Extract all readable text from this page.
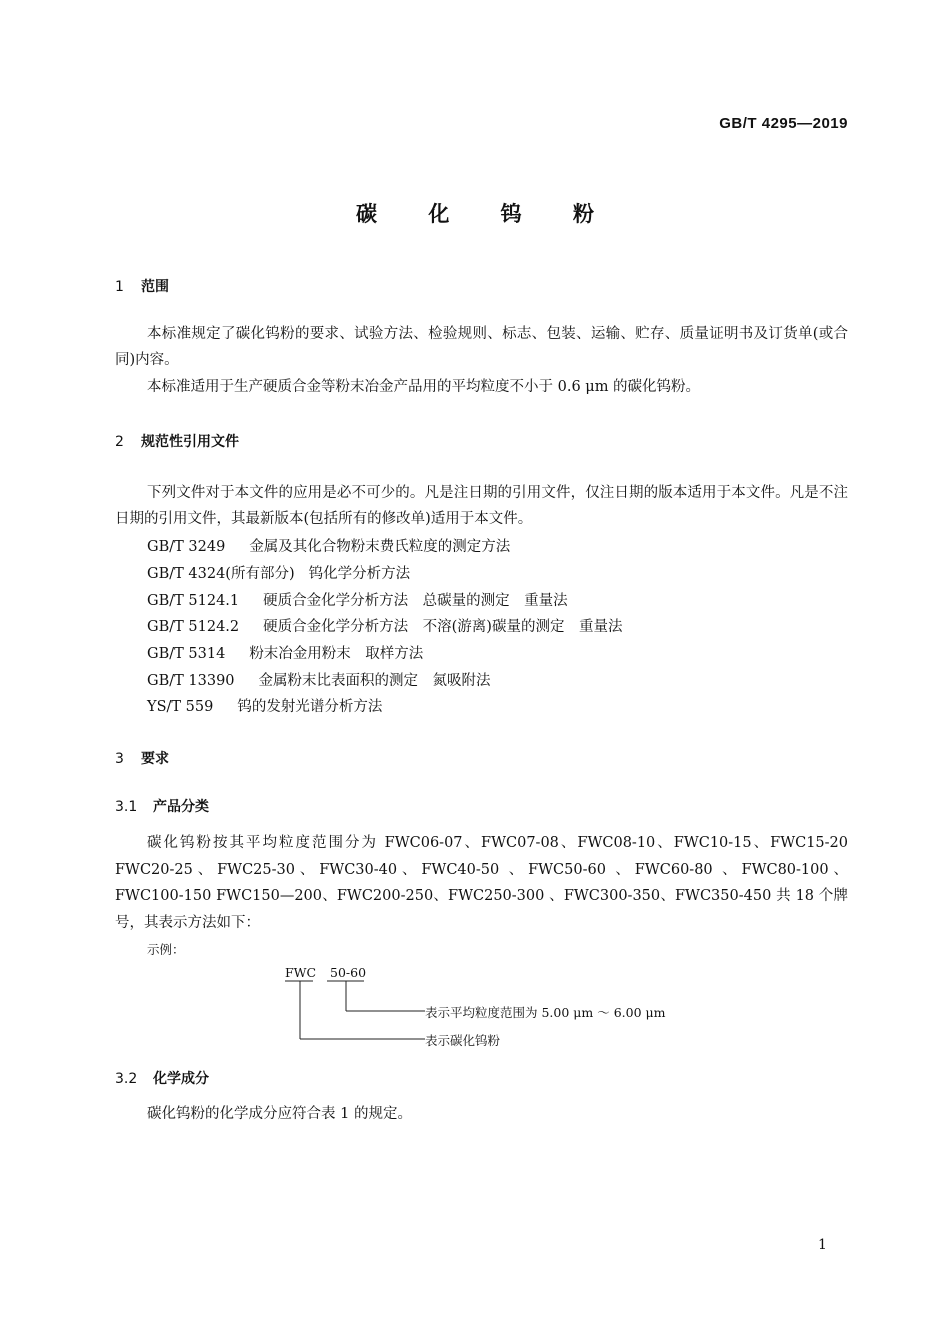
GB/T 4295—2019
碳 化 钨 粉
1 范围
本标准规定了碳化钨粉的要求、试验方法、检验规则、标志、包装、运输、贮存、质量证明书及订货单(或合同)内容。
本标准适用于生产硬质合金等粉末冶金产品用的平均粒度不小于 0.6 μm 的碳化钨粉。
2 规范性引用文件
下列文件对于本文件的应用是必不可少的。凡是注日期的引用文件，仅注日期的版本适用于本文件。凡是不注日期的引用文件，其最新版本(包括所有的修改单)适用于本文件。
GB/T 3249 金属及其化合物粉末费氏粒度的测定方法
GB/T 4324(所有部分) 钨化学分析方法
GB/T 5124.1 硬质合金化学分析方法　总碳量的测定　重量法
GB/T 5124.2 硬质合金化学分析方法　不溶(游离)碳量的测定　重量法
GB/T 5314 粉末冶金用粉末　取样方法
GB/T 13390 金属粉末比表面积的测定　氮吸附法
YS/T 559 钨的发射光谱分析方法
3 要求
3.1 产品分类
碳化钨粉按其平均粒度范围分为 FWC06-07、FWC07-08、FWC08-10、FWC10-15、FWC15-20 FWC20-25、FWC25-30、FWC30-40、FWC40-50 、FWC50-60 、FWC60-80 、FWC80-100、FWC100-150 FWC150—200、FWC200-250、FWC250-300 、FWC300-350、FWC350-450 共 18 个牌号，其表示方法如下：
示例：
FWC 50-60
表示平均粒度范围为 5.00 μm ～ 6.00 μm
表示碳化钨粉
3.2 化学成分
碳化钨粉的化学成分应符合表 1 的规定。
1
